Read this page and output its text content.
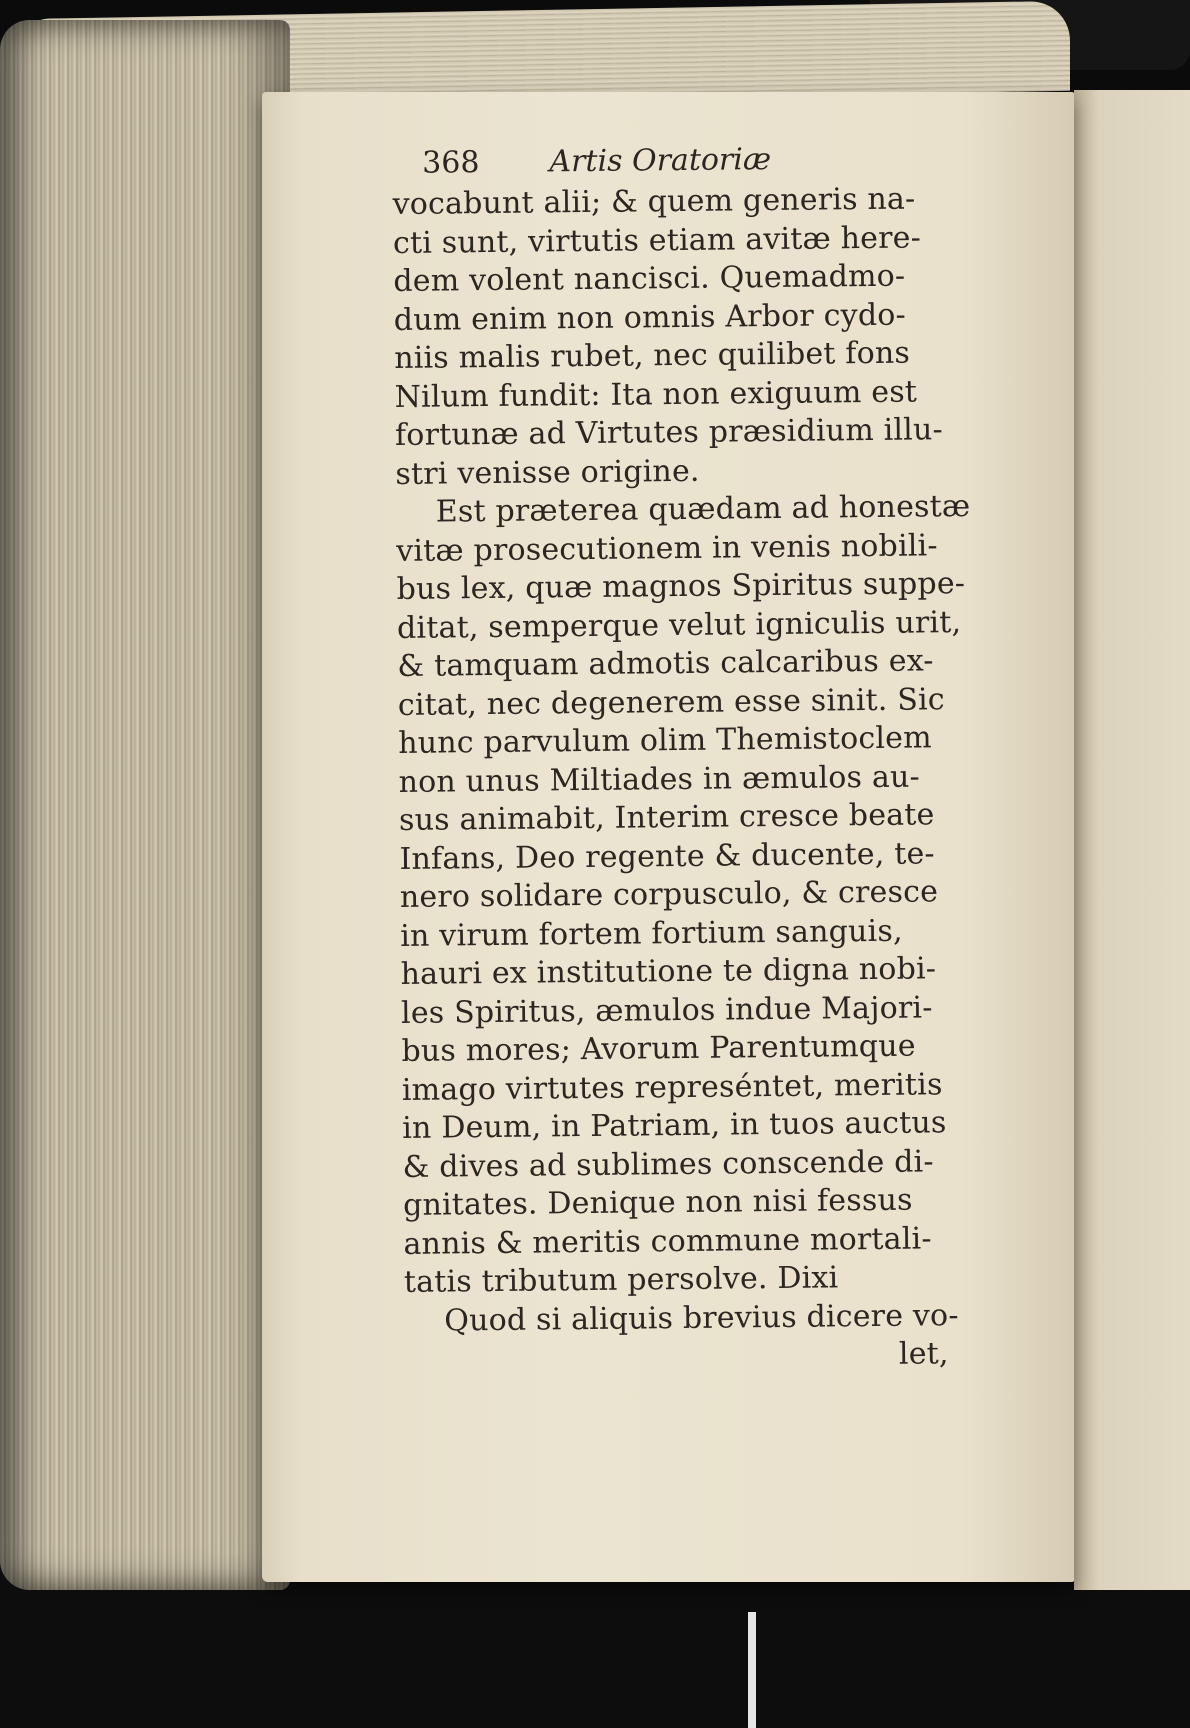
368 Artis Oratoriæ
vocabunt alii; & quem generis na-
cti sunt, virtutis etiam avitæ here-
dem volent nancisci. Quemadmo-
dum enim non omnis Arbor cydo-
niis malis rubet, nec quilibet fons
Nilum fundit: Ita non exiguum est
fortunæ ad Virtutes præsidium illu-
stri venisse origine.
Est præterea quædam ad honestæ
vitæ prosecutionem in venis nobili-
bus lex, quæ magnos Spiritus suppe-
ditat, semperque velut igniculis urit,
& tamquam admotis calcaribus ex-
citat, nec degenerem esse sinit. Sic
hunc parvulum olim Themistoclem
non unus Miltiades in æmulos au-
sus animabit, Interim cresce beate
Infans, Deo regente & ducente, te-
nero solidare corpusculo, & cresce
in virum fortem fortium sanguis,
hauri ex institutione te digna nobi-
les Spiritus, æmulos indue Majori-
bus mores; Avorum Parentumque
imago virtutes represéntet, meritis
in Deum, in Patriam, in tuos auctus
& dives ad sublimes conscende di-
gnitates. Denique non nisi fessus
annis & meritis commune mortali-
tatis tributum persolve. Dixi
Quod si aliquis brevius dicere vo-
let,
